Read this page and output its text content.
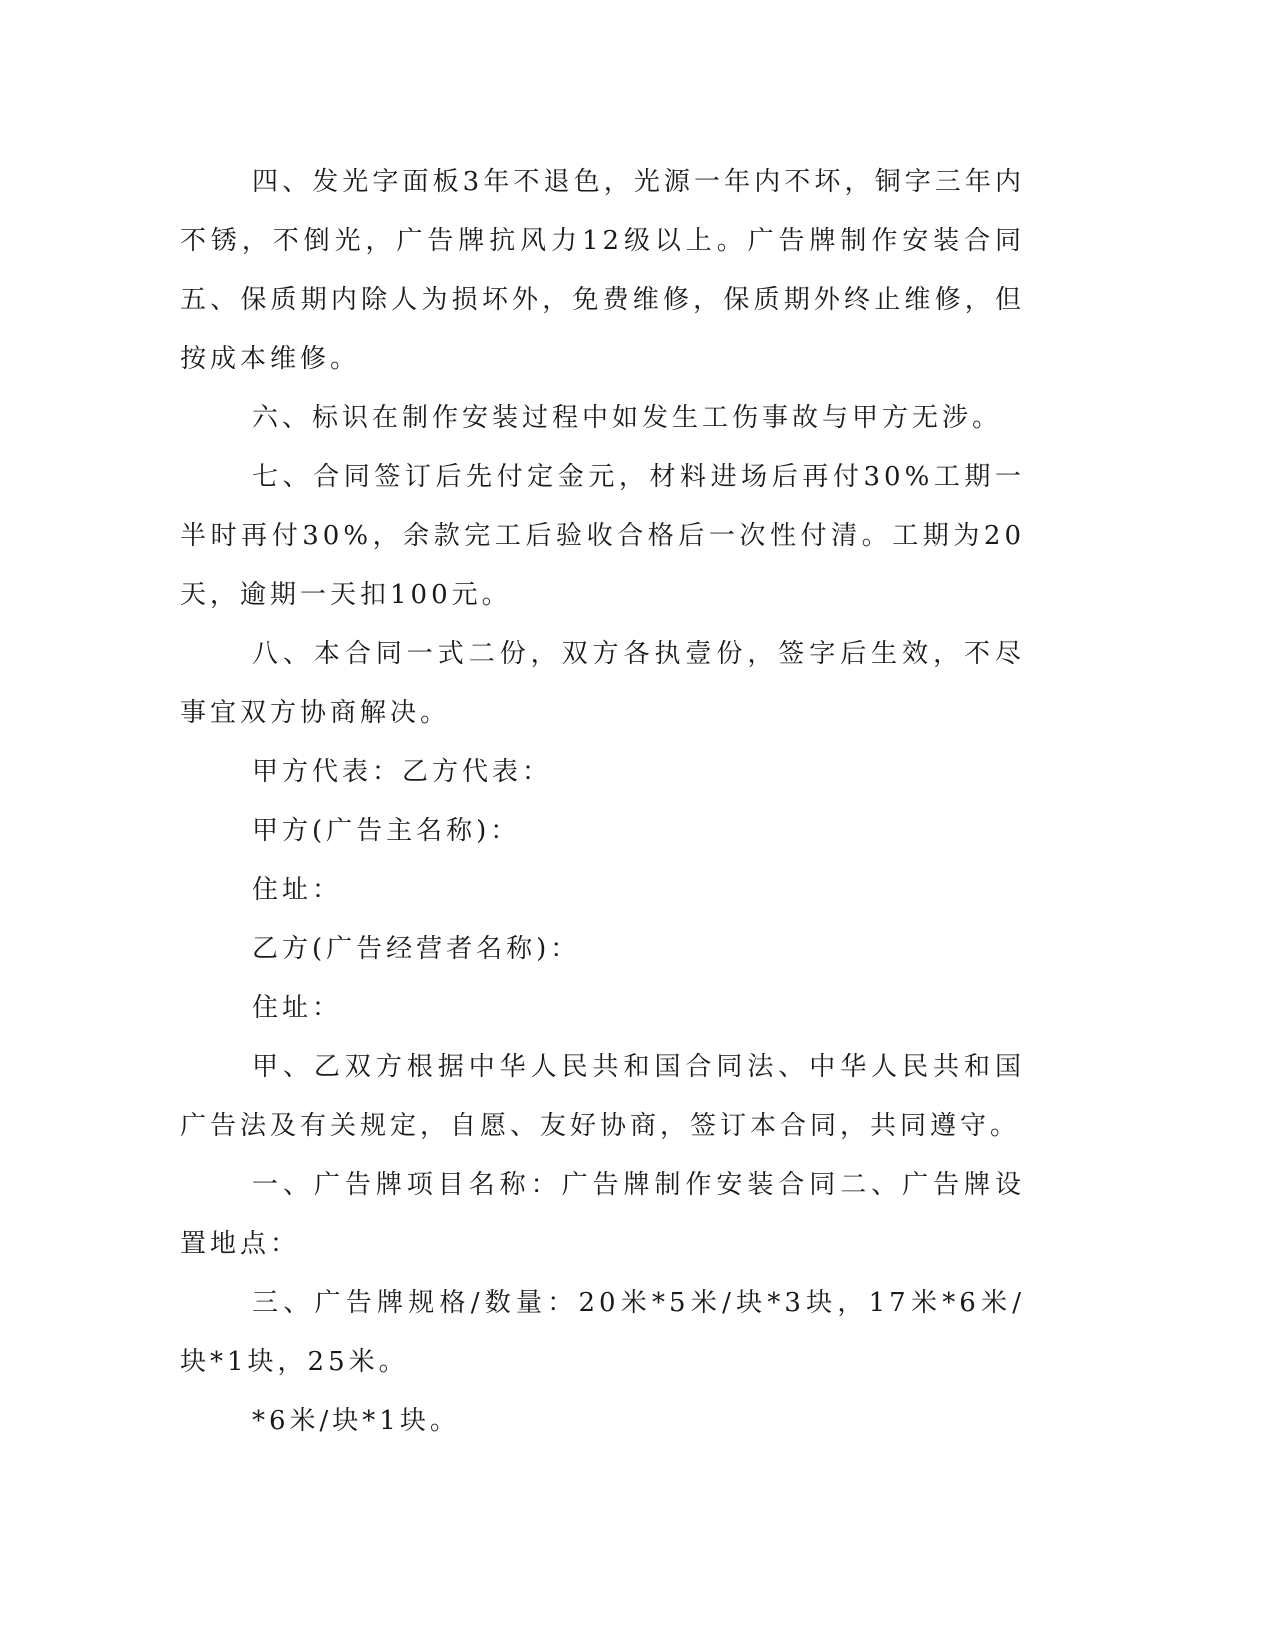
四、发光字面板3年不退色，光源一年内不坏，铜字三年内不锈，不倒光，广告牌抗风力12级以上。广告牌制作安装合同五、保质期内除人为损坏外，免费维修，保质期外终止维修，但按成本维修。

六、标识在制作安装过程中如发生工伤事故与甲方无涉。

七、合同签订后先付定金元，材料进场后再付30%工期一半时再付30%，余款完工后验收合格后一次性付清。工期为20天，逾期一天扣100元。

八、本合同一式二份，双方各执壹份，签字后生效，不尽事宜双方协商解决。

甲方代表：乙方代表：

甲方(广告主名称)：

住址：

乙方(广告经营者名称)：

住址：

甲、乙双方根据中华人民共和国合同法、中华人民共和国广告法及有关规定，自愿、友好协商，签订本合同，共同遵守。

一、广告牌项目名称：广告牌制作安装合同二、广告牌设置地点：

三、广告牌规格/数量：20米*5米/块*3块，17米*6米/块*1块，25米。

*6米/块*1块。
